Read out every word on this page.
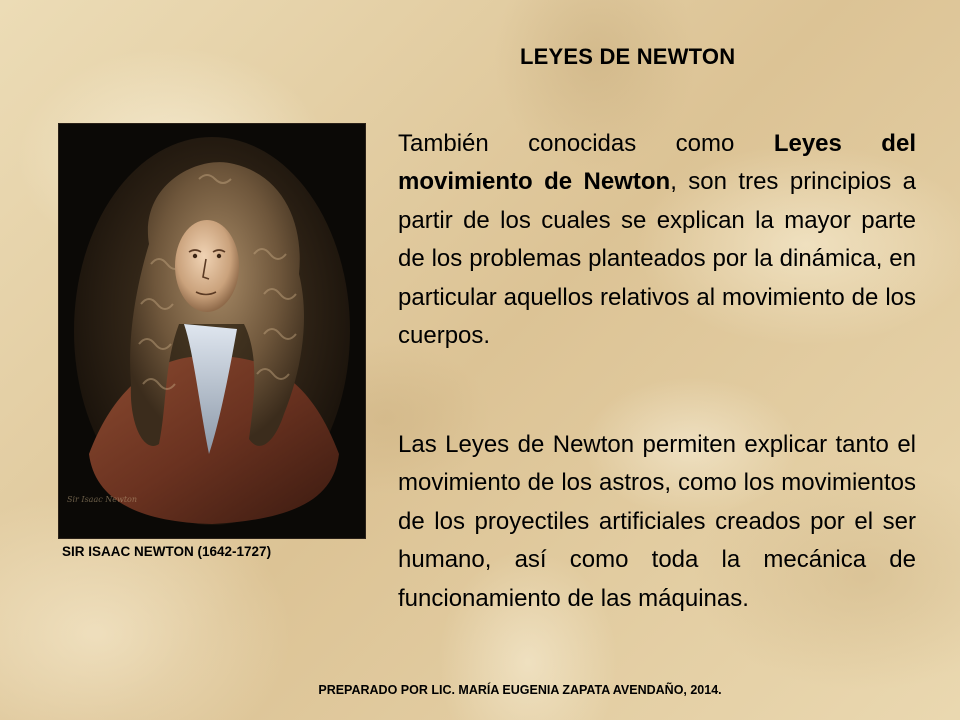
LEYES DE NEWTON
También conocidas como Leyes del movimiento de Newton, son tres principios a partir de los cuales se explican la mayor parte de los problemas planteados por la dinámica, en particular aquellos relativos al movimiento de los cuerpos.
Las Leyes de Newton permiten explicar tanto el movimiento de los astros, como los movimientos de los proyectiles artificiales creados por el ser humano, así como toda la mecánica de funcionamiento de las máquinas.
Sir Isaac Newton
SIR ISAAC NEWTON (1642-1727)
PREPARADO POR LIC. MARÍA EUGENIA ZAPATA AVENDAÑO, 2014.
